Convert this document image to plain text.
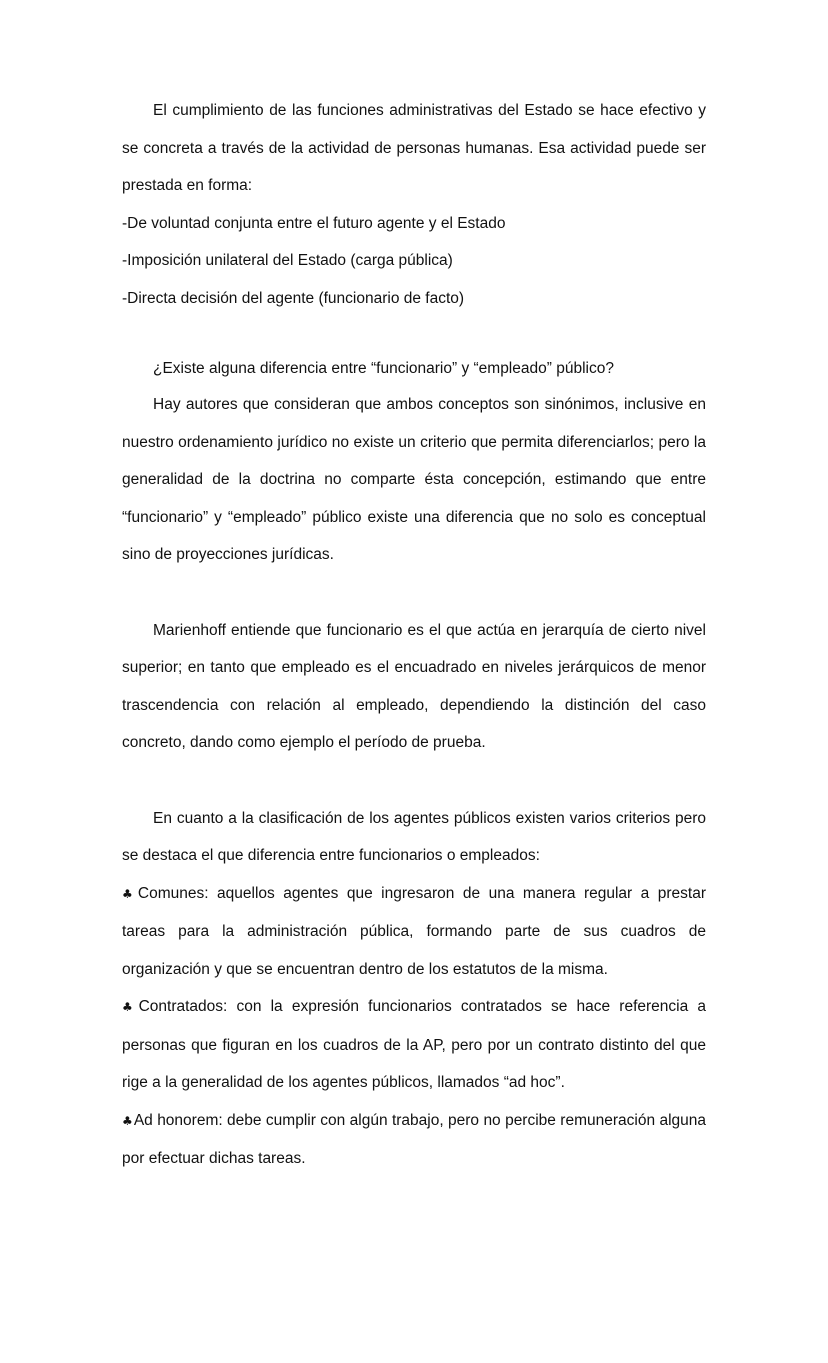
El cumplimiento de las funciones administrativas del Estado se hace efectivo y se concreta a través de la actividad de personas humanas. Esa actividad puede ser prestada en forma:

-De voluntad conjunta entre el futuro agente y el Estado

-Imposición unilateral del Estado (carga pública)

-Directa decisión del agente (funcionario de facto)

¿Existe alguna diferencia entre “funcionario” y “empleado” público?

Hay autores que consideran que ambos conceptos son sinónimos, inclusive en nuestro ordenamiento jurídico no existe un criterio que permita diferenciarlos; pero la generalidad de la doctrina no comparte ésta concepción, estimando que entre “funcionario” y “empleado” público existe una diferencia que no solo es conceptual sino de proyecciones jurídicas.

Marienhoff entiende que funcionario es el que actúa en jerarquía de cierto nivel superior; en tanto que empleado es el encuadrado en niveles jerárquicos de menor trascendencia con relación al empleado, dependiendo la distinción del caso concreto, dando como ejemplo el período de prueba.

En cuanto a la clasificación de los agentes públicos existen varios criterios pero se destaca el que diferencia entre funcionarios o empleados:

♣Comunes: aquellos agentes que ingresaron de una manera regular a prestar tareas para la administración pública, formando parte de sus cuadros de organización y que se encuentran dentro de los estatutos de la misma.

♣Contratados: con la expresión funcionarios contratados se hace referencia a personas que figuran en los cuadros de la AP, pero por un contrato distinto del que rige a la generalidad de los agentes públicos, llamados “ad hoc”.

♣Ad honorem: debe cumplir con algún trabajo, pero no percibe remuneración alguna por efectuar dichas tareas.
